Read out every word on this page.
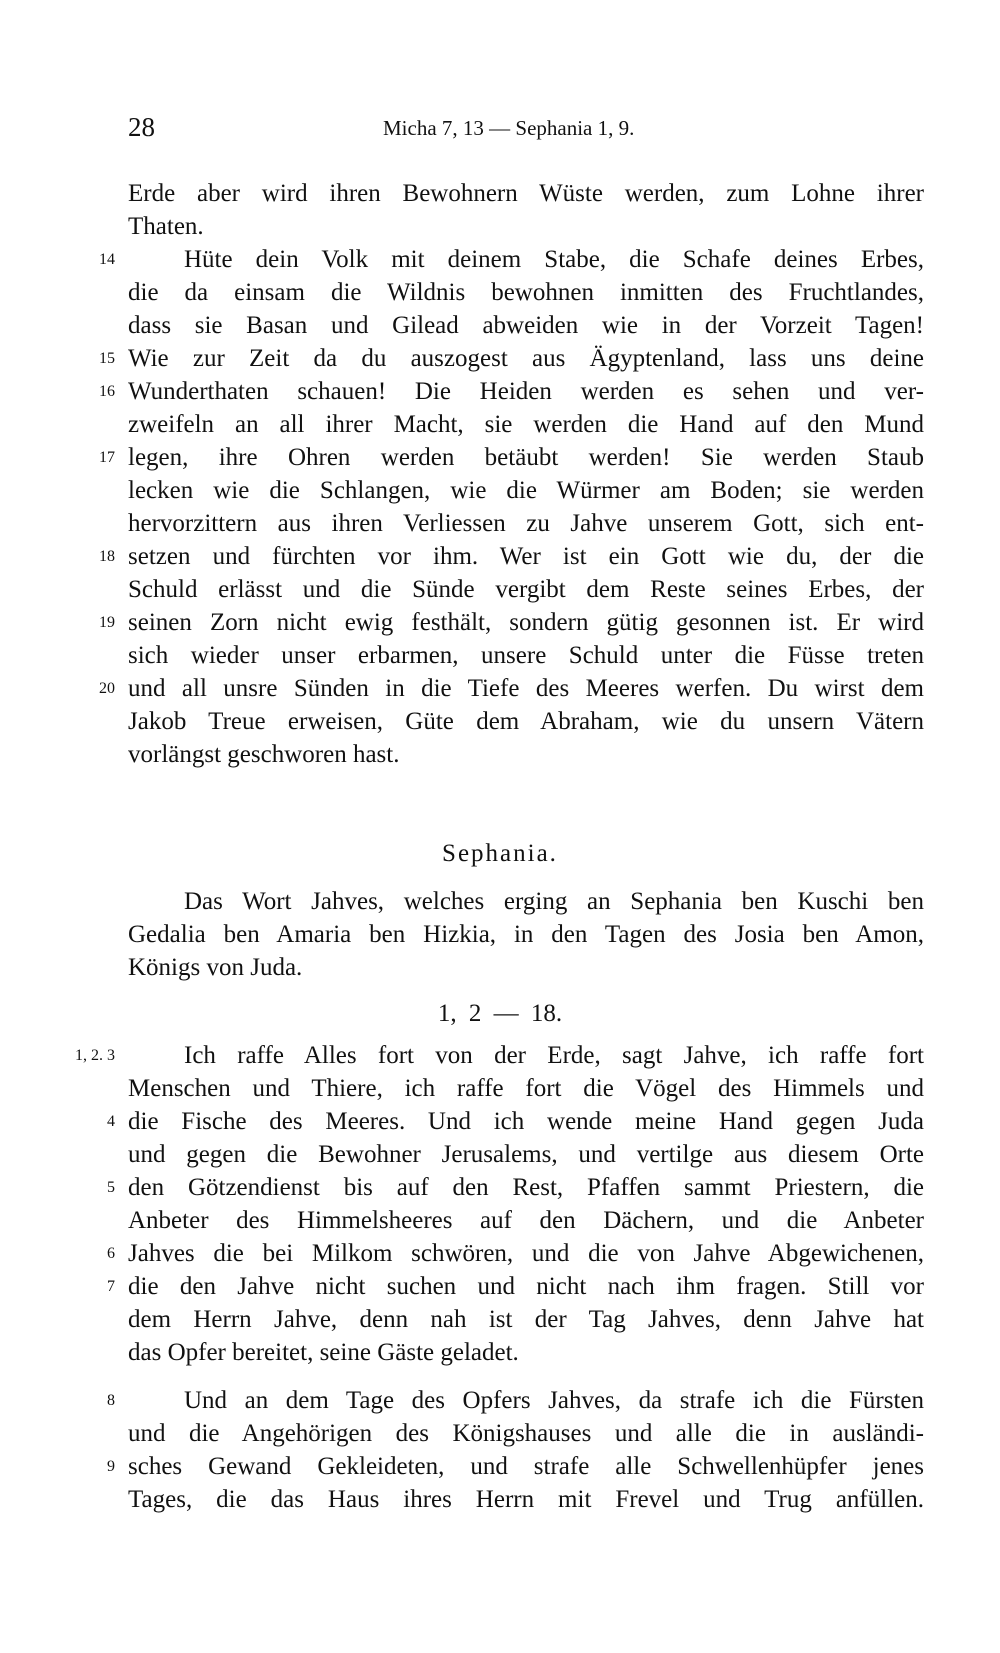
28	Micha 7, 13 — Sephania 1, 9.
Erde aber wird ihren Bewohnern Wüste werden, zum Lohne ihrer
Thaten.
14	Hüte dein Volk mit deinem Stabe, die Schafe deines Erbes,
die da einsam die Wildnis bewohnen inmitten des Fruchtlandes,
dass sie Basan und Gilead abweiden wie in der Vorzeit Tagen!
15 Wie zur Zeit da du auszogest aus Ägyptenland, lass uns deine
16 Wunderthaten schauen! Die Heiden werden es sehen und ver-
zweifeln an all ihrer Macht, sie werden die Hand auf den Mund
17 legen, ihre Ohren werden betäubt werden! Sie werden Staub
lecken wie die Schlangen, wie die Würmer am Boden; sie werden
hervorzittern aus ihren Verliessen zu Jahve unserem Gott, sich ent-
18 setzen und fürchten vor ihm. Wer ist ein Gott wie du, der die
Schuld erlässt und die Sünde vergibt dem Reste seines Erbes, der
19 seinen Zorn nicht ewig festhält, sondern gütig gesonnen ist. Er wird
sich wieder unser erbarmen, unsere Schuld unter die Füsse treten
20 und all unsre Sünden in die Tiefe des Meeres werfen. Du wirst dem
Jakob Treue erweisen, Güte dem Abraham, wie du unsern Vätern
vorlängst geschworen hast.
Sephania.
Das Wort Jahves, welches erging an Sephania ben Kuschi ben
Gedalia ben Amaria ben Hizkia, in den Tagen des Josia ben Amon,
Königs von Juda.
1, 2 — 18.
1, 2. 3	Ich raffe Alles fort von der Erde, sagt Jahve, ich raffe fort
Menschen und Thiere, ich raffe fort die Vögel des Himmels und
4 die Fische des Meeres. Und ich wende meine Hand gegen Juda
und gegen die Bewohner Jerusalems, und vertilge aus diesem Orte
5 den Götzendienst bis auf den Rest, Pfaffen sammt Priestern, die
Anbeter des Himmelsheeres auf den Dächern, und die Anbeter
6 Jahves die bei Milkom schwören, und die von Jahve Abgewichenen,
7 die den Jahve nicht suchen und nicht nach ihm fragen. Still vor
dem Herrn Jahve, denn nah ist der Tag Jahves, denn Jahve hat
das Opfer bereitet, seine Gäste geladet.
8	Und an dem Tage des Opfers Jahves, da strafe ich die Fürsten
und die Angehörigen des Königshauses und alle die in ausländi-
9 sches Gewand Gekleideten, und strafe alle Schwellenhüpfer jenes
Tages, die das Haus ihres Herrn mit Frevel und Trug anfüllen.
